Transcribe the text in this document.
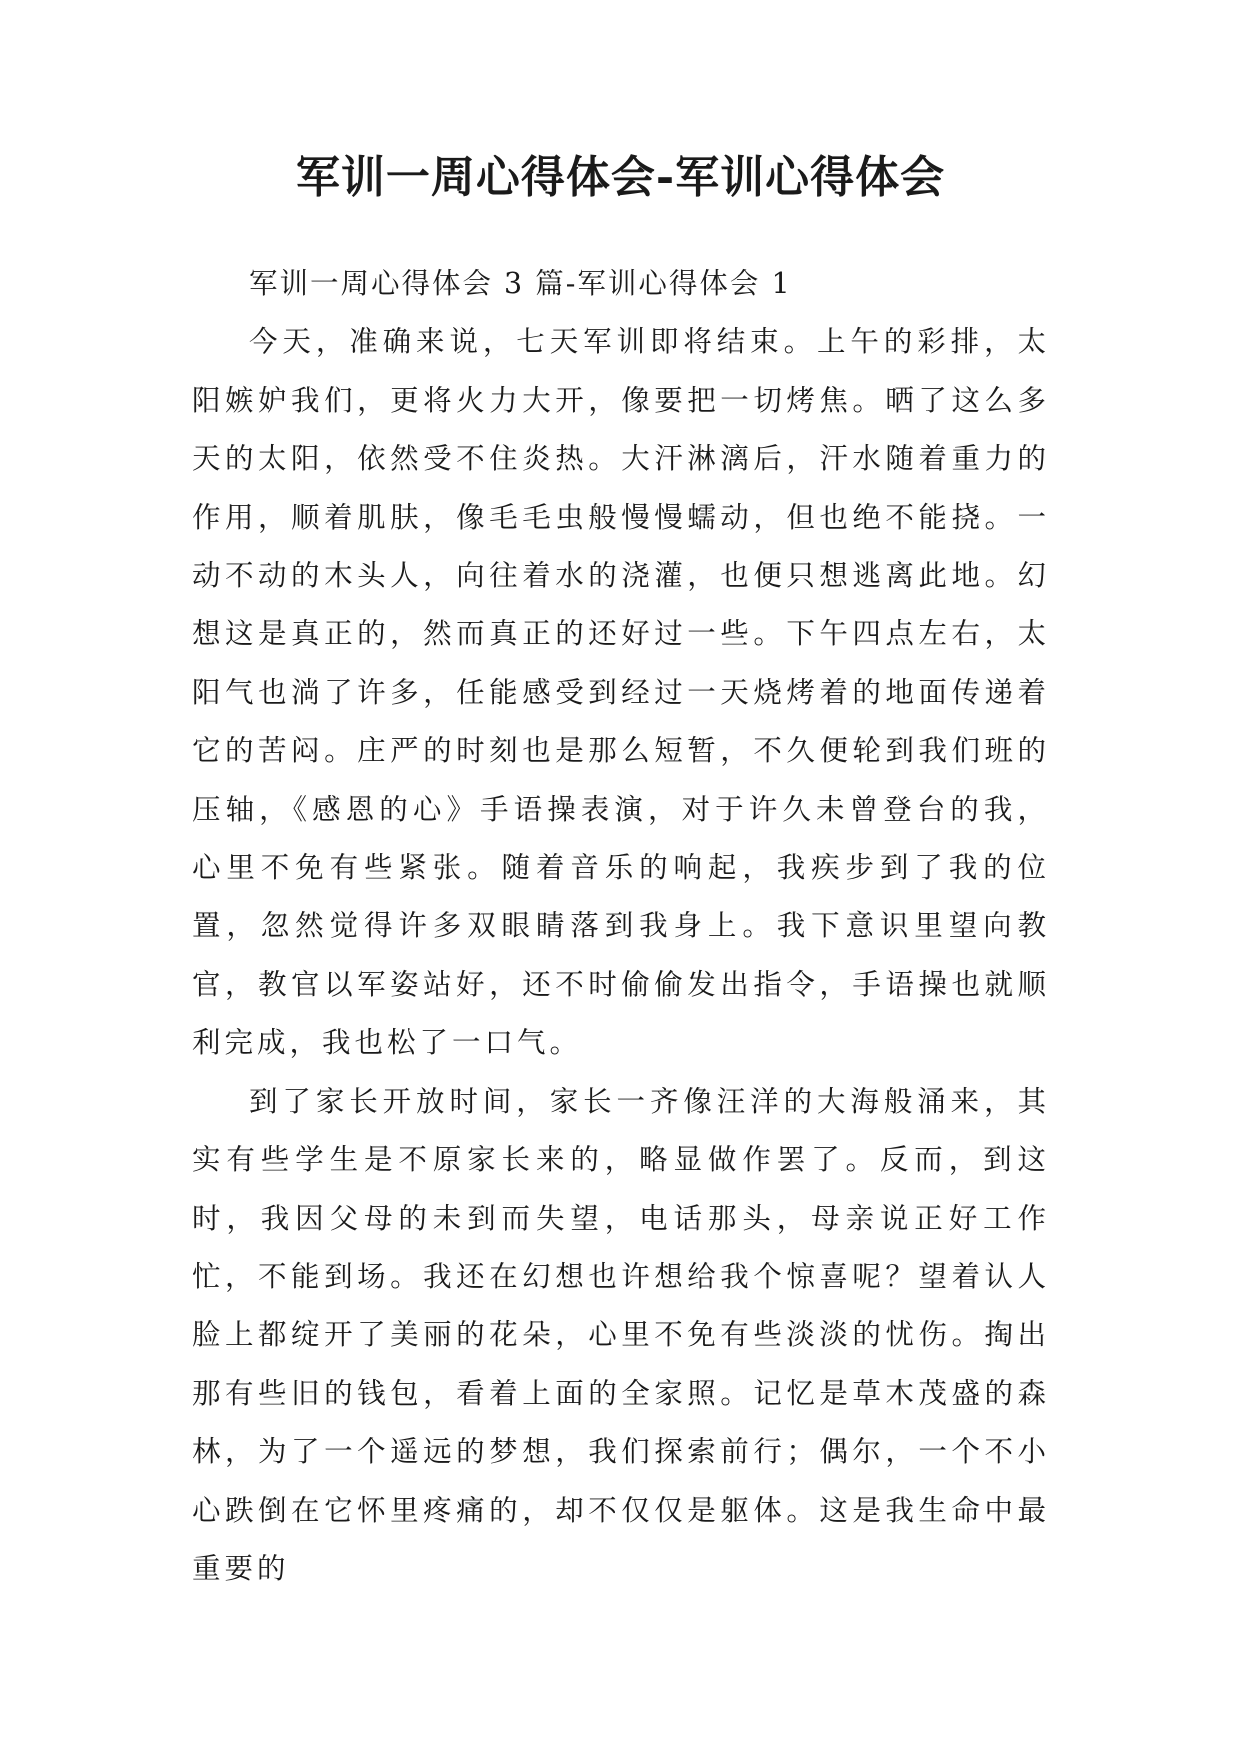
军训一周心得体会-军训心得体会

军训一周心得体会 3 篇-军训心得体会 1

今天，准确来说，七天军训即将结束。上午的彩排，太阳嫉妒我们，更将火力大开，像要把一切烤焦。晒了这么多天的太阳，依然受不住炎热。大汗淋漓后，汗水随着重力的作用，顺着肌肤，像毛毛虫般慢慢蠕动，但也绝不能挠。一动不动的木头人，向往着水的浇灌，也便只想逃离此地。幻想这是真正的，然而真正的还好过一些。下午四点左右，太阳气也淌了许多，任能感受到经过一天烧烤着的地面传递着它的苦闷。庄严的时刻也是那么短暂，不久便轮到我们班的压轴，《感恩的心》手语操表演，对于许久未曾登台的我，心里不免有些紧张。随着音乐的响起，我疾步到了我的位置，忽然觉得许多双眼睛落到我身上。我下意识里望向教官，教官以军姿站好，还不时偷偷发出指令，手语操也就顺利完成，我也松了一口气。

到了家长开放时间，家长一齐像汪洋的大海般涌来，其实有些学生是不原家长来的，略显做作罢了。反而，到这时，我因父母的未到而失望，电话那头，母亲说正好工作忙，不能到场。我还在幻想也许想给我个惊喜呢？望着认人脸上都绽开了美丽的花朵，心里不免有些淡淡的忧伤。掏出那有些旧的钱包，看着上面的全家照。记忆是草木茂盛的森林，为了一个遥远的梦想，我们探索前行；偶尔，一个不小心跌倒在它怀里疼痛的，却不仅仅是躯体。这是我生命中最重要的
